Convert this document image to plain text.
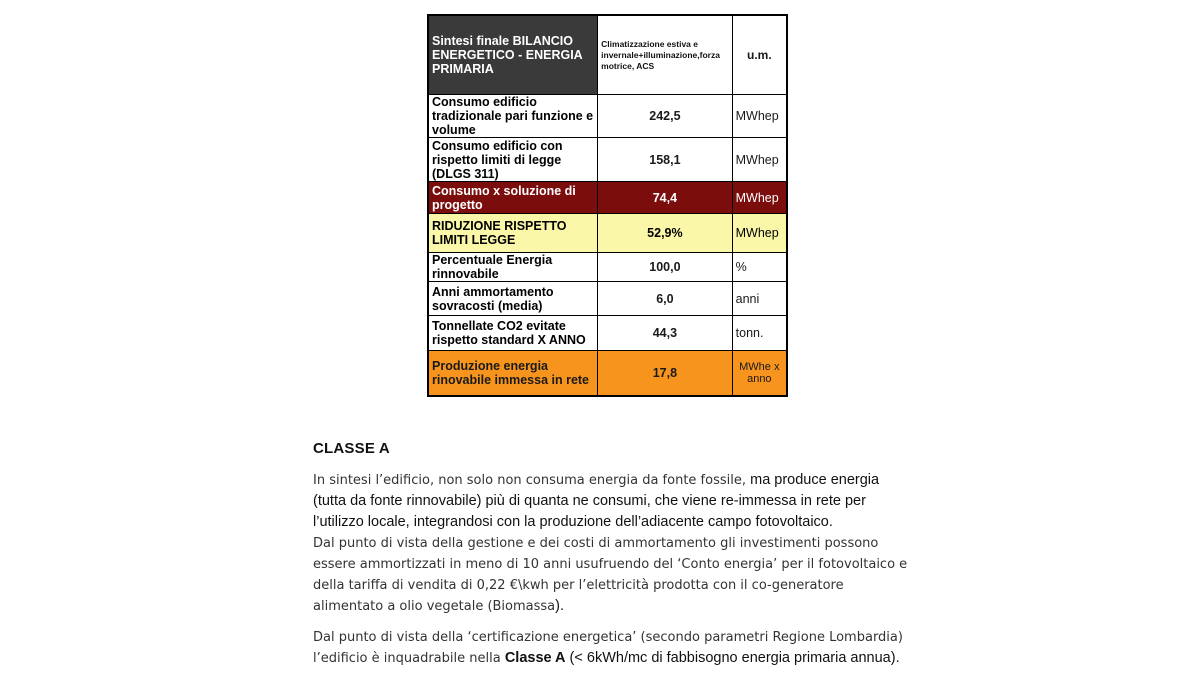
Sintesi finale BILANCIO ENERGETICO - ENERGIA PRIMARIA	Climatizzazione estiva e invernale+illuminazione,forza motrice, ACS	u.m.
Consumo edificio tradizionale pari funzione e volume	242,5	MWhep
Consumo edificio con rispetto limiti di legge (DLGS 311)	158,1	MWhep
Consumo x soluzione di progetto	74,4	MWhep
RIDUZIONE RISPETTO LIMITI LEGGE	52,9%	MWhep
Percentuale Energia rinnovabile	100,0	%
Anni ammortamento sovracosti (media)	6,0	anni
Tonnellate CO2 evitate rispetto standard X ANNO	44,3	tonn.
Produzione energia rinovabile immessa in rete	17,8	MWhe x anno
CLASSE A

In sintesi l’edificio, non solo non consuma energia da fonte fossile, ma produce energia (tutta da fonte rinnovabile) più di quanta ne consumi, che viene re-immessa in rete per l’utilizzo locale, integrandosi con la produzione dell’adiacente campo fotovoltaico.
Dal punto di vista della gestione e dei costi di ammortamento gli investimenti possono essere ammortizzati in meno di 10 anni usufruendo del ‘Conto energia’ per il fotovoltaico e della tariffa di vendita di 0,22 €\kwh per l’elettricità prodotta con il co-generatore alimentato a olio vegetale (Biomassa).

Dal punto di vista della ‘certificazione energetica’ (secondo parametri Regione Lombardia) l’edificio è inquadrabile nella Classe A (< 6kWh/mc di fabbisogno energia primaria annua).
